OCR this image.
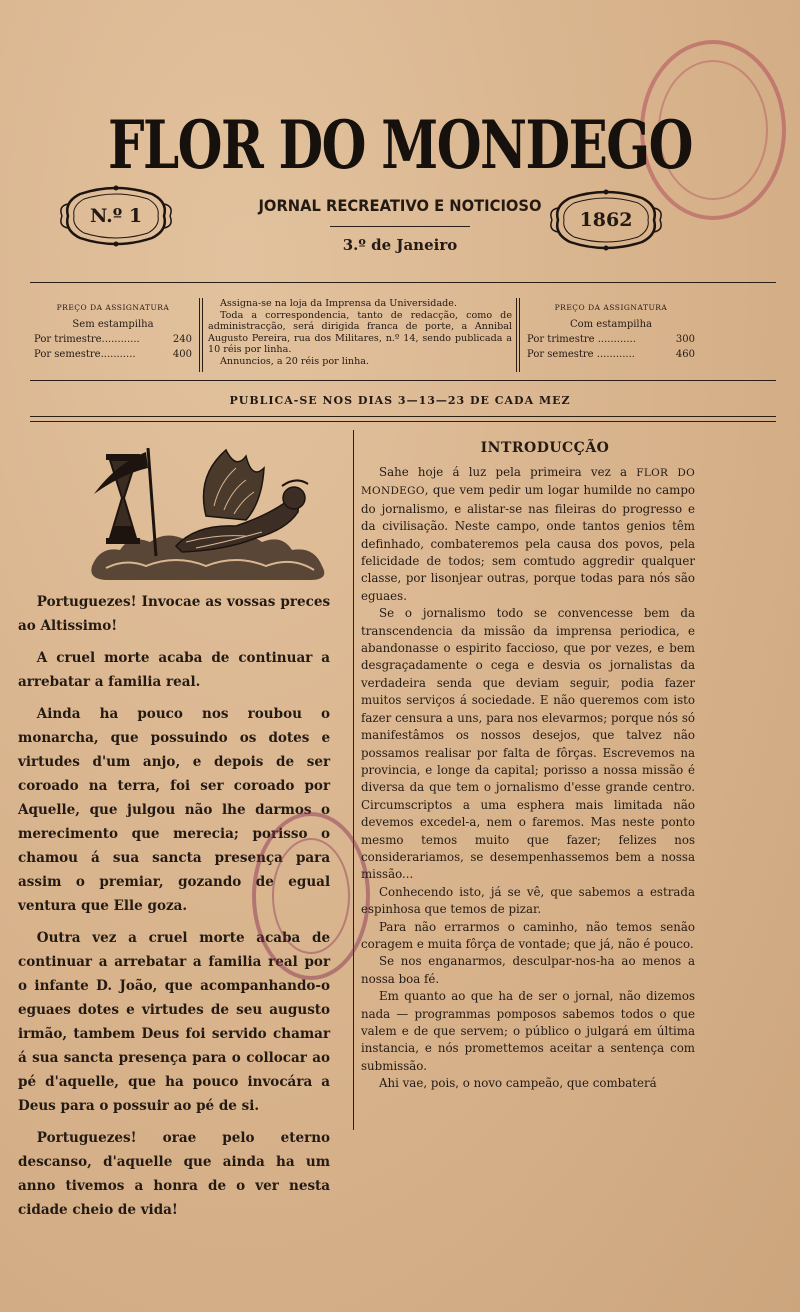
FLOR DO MONDEGO
JORNAL RECREATIVO E NOTICIOSO
3.º de Janeiro
N.º 1	1862
PREÇO DA ASSIGNATURA
Sem estampilha
Por trimestre............	240
Por semestre...........	400

Assigna-se na loja da Imprensa da Universidade.

Toda a correspondencia, tanto de redacção, como de administracção, será dirigida franca de porte, a Annibal Augusto Pereira, rua dos Militares, n.º 14, sendo publicada a 10 réis por linha.

Annuncios, a 20 réis por linha.

PREÇO DA ASSIGNATURA
Com estampilha
Por trimestre ............	300
Por semestre ............	460
PUBLICA-SE NOS DIAS 3—13—23 DE CADA MEZ

Portuguezes! Invocae as vossas preces ao Altissimo!

A cruel morte acaba de continuar a arrebatar a familia real.

Ainda ha pouco nos roubou o monarcha, que possuindo os dotes e virtudes d'um anjo, e depois de ser coroado na terra, foi ser coroado por Aquelle, que julgou não lhe darmos o merecimento que merecia; porisso o chamou á sua sancta presença para assim o premiar, gozando de egual ventura que Elle goza.

Outra vez a cruel morte acaba de continuar a arrebatar a familia real por o infante D. João, que acompanhando-o eguaes dotes e virtudes de seu augusto irmão, tambem Deus foi servido chamar á sua sancta presença para o collocar ao pé d'aquelle, que ha pouco invocára a Deus para o possuir ao pé de si.

Portuguezes! orae pelo eterno descanso, d'aquelle que ainda ha um anno tivemos a honra de o ver nesta cidade cheio de vida!

INTRODUCÇÃO

Sahe hoje á luz pela primeira vez a FLOR DO MONDEGO, que vem pedir um logar humilde no campo do jornalismo, e alistar-se nas fileiras do progresso e da civilisação. Neste campo, onde tantos genios têm definhado, combateremos pela causa dos povos, pela felicidade de todos; sem comtudo aggredir qualquer classe, por lisonjear outras, porque todas para nós são eguaes.

Se o jornalismo todo se convencesse bem da transcendencia da missão da imprensa periodica, e abandonasse o espirito faccioso, que por vezes, e bem desgraçadamente o cega e desvia os jornalistas da verdadeira senda que deviam seguir, podia fazer muitos serviços á sociedade. E não queremos com isto fazer censura a uns, para nos elevarmos; porque nós só manifestâmos os nossos desejos, que talvez não possamos realisar por falta de fôrças. Escrevemos na provincia, e longe da capital; porisso a nossa missão é diversa da que tem o jornalismo d'esse grande centro. Circumscriptos a uma esphera mais limitada não devemos excedel-a, nem o faremos. Mas neste ponto mesmo temos muito que fazer; felizes nos considerariamos, se desempenhassemos bem a nossa missão...

Conhecendo isto, já se vê, que sabemos a estrada espinhosa que temos de pizar.

Para não errarmos o caminho, não temos senão coragem e muita fôrça de vontade; que já, não é pouco.

Se nos enganarmos, desculpar-nos-ha ao menos a nossa boa fé.

Em quanto ao que ha de ser o jornal, não dizemos nada — programmas pomposos sabemos todos o que valem e de que servem; o público o julgará em última instancia, e nós promettemos aceitar a sentença com submissão.

Ahi vae, pois, o novo campeão, que combaterá
